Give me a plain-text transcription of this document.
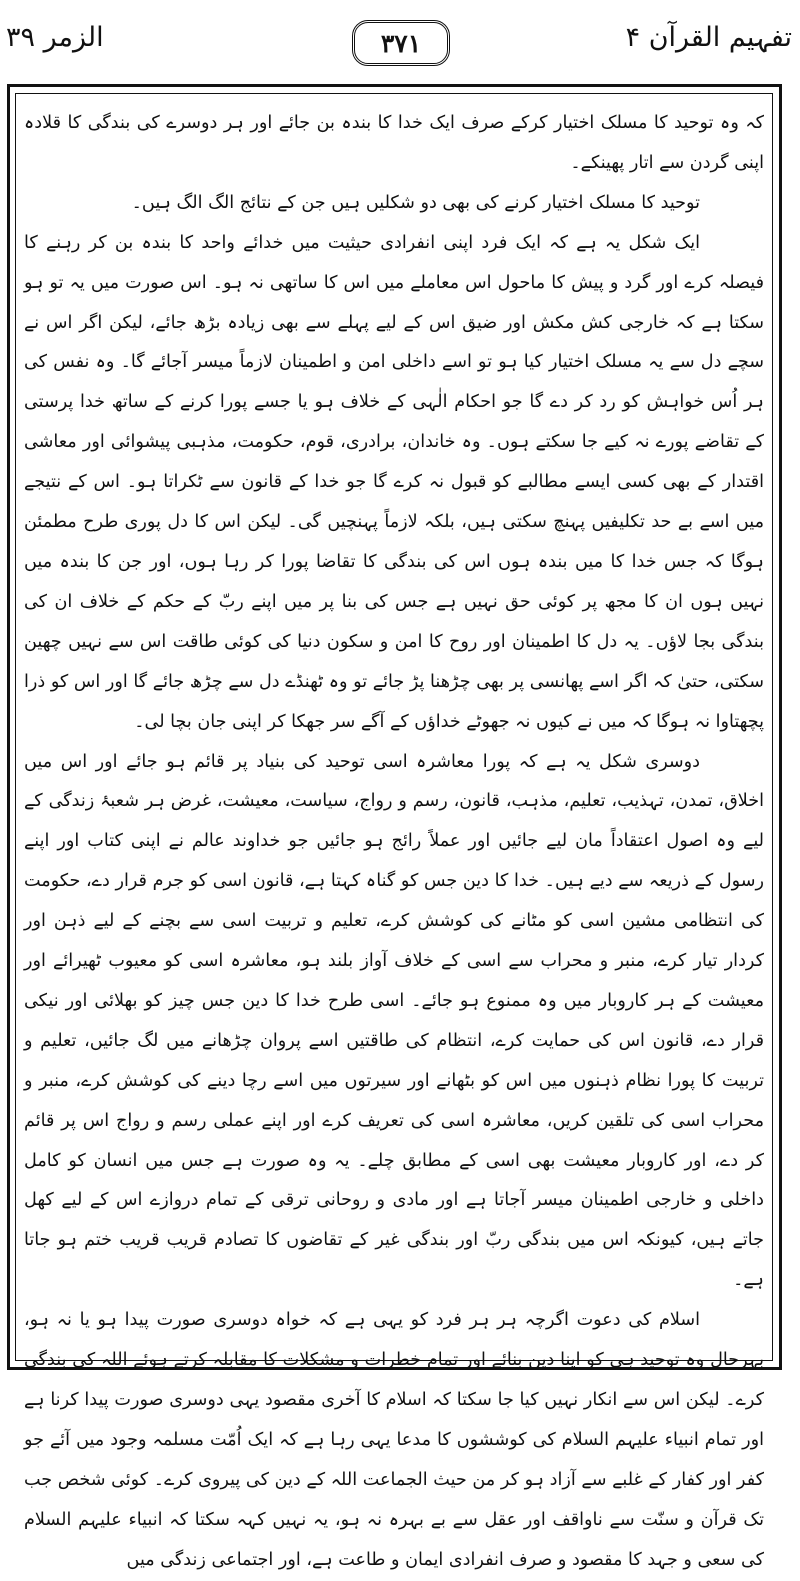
تفہیم القرآن ۴
۳۷۱
الزمر ۳۹

کہ وہ توحید کا مسلک اختیار کرکے صرف ایک خدا کا بندہ بن جائے اور ہر دوسرے کی بندگی کا قلادہ اپنی گردن سے اتار پھینکے۔

توحید کا مسلک اختیار کرنے کی بھی دو شکلیں ہیں جن کے نتائج الگ الگ ہیں۔

ایک شکل یہ ہے کہ ایک فرد اپنی انفرادی حیثیت میں خدائے واحد کا بندہ بن کر رہنے کا فیصلہ کرے اور گرد و پیش کا ماحول اس معاملے میں اس کا ساتھی نہ ہو۔ اس صورت میں یہ تو ہو سکتا ہے کہ خارجی کش مکش اور ضیق اس کے لیے پہلے سے بھی زیادہ بڑھ جائے، لیکن اگر اس نے سچے دل سے یہ مسلک اختیار کیا ہو تو اسے داخلی امن و اطمینان لازماً میسر آجائے گا۔ وہ نفس کی ہر اُس خواہش کو رد کر دے گا جو احکام الٰہی کے خلاف ہو یا جسے پورا کرنے کے ساتھ خدا پرستی کے تقاضے پورے نہ کیے جا سکتے ہوں۔ وہ خاندان، برادری، قوم، حکومت، مذہبی پیشوائی اور معاشی اقتدار کے بھی کسی ایسے مطالبے کو قبول نہ کرے گا جو خدا کے قانون سے ٹکراتا ہو۔ اس کے نتیجے میں اسے بے حد تکلیفیں پہنچ سکتی ہیں، بلکہ لازماً پہنچیں گی۔ لیکن اس کا دل پوری طرح مطمئن ہوگا کہ جس خدا کا میں بندہ ہوں اس کی بندگی کا تقاضا پورا کر رہا ہوں، اور جن کا بندہ میں نہیں ہوں ان کا مجھ پر کوئی حق نہیں ہے جس کی بنا پر میں اپنے ربّ کے حکم کے خلاف ان کی بندگی بجا لاؤں۔ یہ دل کا اطمینان اور روح کا امن و سکون دنیا کی کوئی طاقت اس سے نہیں چھین سکتی، حتیٰ کہ اگر اسے پھانسی پر بھی چڑھنا پڑ جائے تو وہ ٹھنڈے دل سے چڑھ جائے گا اور اس کو ذرا پچھتاوا نہ ہوگا کہ میں نے کیوں نہ جھوٹے خداؤں کے آگے سر جھکا کر اپنی جان بچا لی۔

دوسری شکل یہ ہے کہ پورا معاشرہ اسی توحید کی بنیاد پر قائم ہو جائے اور اس میں اخلاق، تمدن، تہذیب، تعلیم، مذہب، قانون، رسم و رواج، سیاست، معیشت، غرض ہر شعبۂ زندگی کے لیے وہ اصول اعتقاداً مان لیے جائیں اور عملاً رائج ہو جائیں جو خداوند عالم نے اپنی کتاب اور اپنے رسول کے ذریعہ سے دیے ہیں۔ خدا کا دین جس کو گناہ کہتا ہے، قانون اسی کو جرم قرار دے، حکومت کی انتظامی مشین اسی کو مٹانے کی کوشش کرے، تعلیم و تربیت اسی سے بچنے کے لیے ذہن اور کردار تیار کرے، منبر و محراب سے اسی کے خلاف آواز بلند ہو، معاشرہ اسی کو معیوب ٹھیرائے اور معیشت کے ہر کاروبار میں وہ ممنوع ہو جائے۔ اسی طرح خدا کا دین جس چیز کو بھلائی اور نیکی قرار دے، قانون اس کی حمایت کرے، انتظام کی طاقتیں اسے پروان چڑھانے میں لگ جائیں، تعلیم و تربیت کا پورا نظام ذہنوں میں اس کو بٹھانے اور سیرتوں میں اسے رچا دینے کی کوشش کرے، منبر و محراب اسی کی تلقین کریں، معاشرہ اسی کی تعریف کرے اور اپنے عملی رسم و رواج اس پر قائم کر دے، اور کاروبار معیشت بھی اسی کے مطابق چلے۔ یہ وہ صورت ہے جس میں انسان کو کامل داخلی و خارجی اطمینان میسر آجاتا ہے اور مادی و روحانی ترقی کے تمام دروازے اس کے لیے کھل جاتے ہیں، کیونکہ اس میں بندگی ربّ اور بندگی غیر کے تقاضوں کا تصادم قریب قریب ختم ہو جاتا ہے۔

اسلام کی دعوت اگرچہ ہر ہر فرد کو یہی ہے کہ خواہ دوسری صورت پیدا ہو یا نہ ہو، بہرحال وہ توحید ہی کو اپنا دین بنائے اور تمام خطرات و مشکلات کا مقابلہ کرتے ہوئے اللہ کی بندگی کرے۔ لیکن اس سے انکار نہیں کیا جا سکتا کہ اسلام کا آخری مقصود یہی دوسری صورت پیدا کرنا ہے اور تمام انبیاء علیہم السلام کی کوششوں کا مدعا یہی رہا ہے کہ ایک اُمّت مسلمہ وجود میں آئے جو کفر اور کفار کے غلبے سے آزاد ہو کر من حیث الجماعت اللہ کے دین کی پیروی کرے۔ کوئی شخص جب تک قرآن و سنّت سے ناواقف اور عقل سے بے بہرہ نہ ہو، یہ نہیں کہہ سکتا کہ انبیاء علیہم السلام کی سعی و جہد کا مقصود و صرف انفرادی ایمان و طاعت ہے، اور اجتماعی زندگی میں
